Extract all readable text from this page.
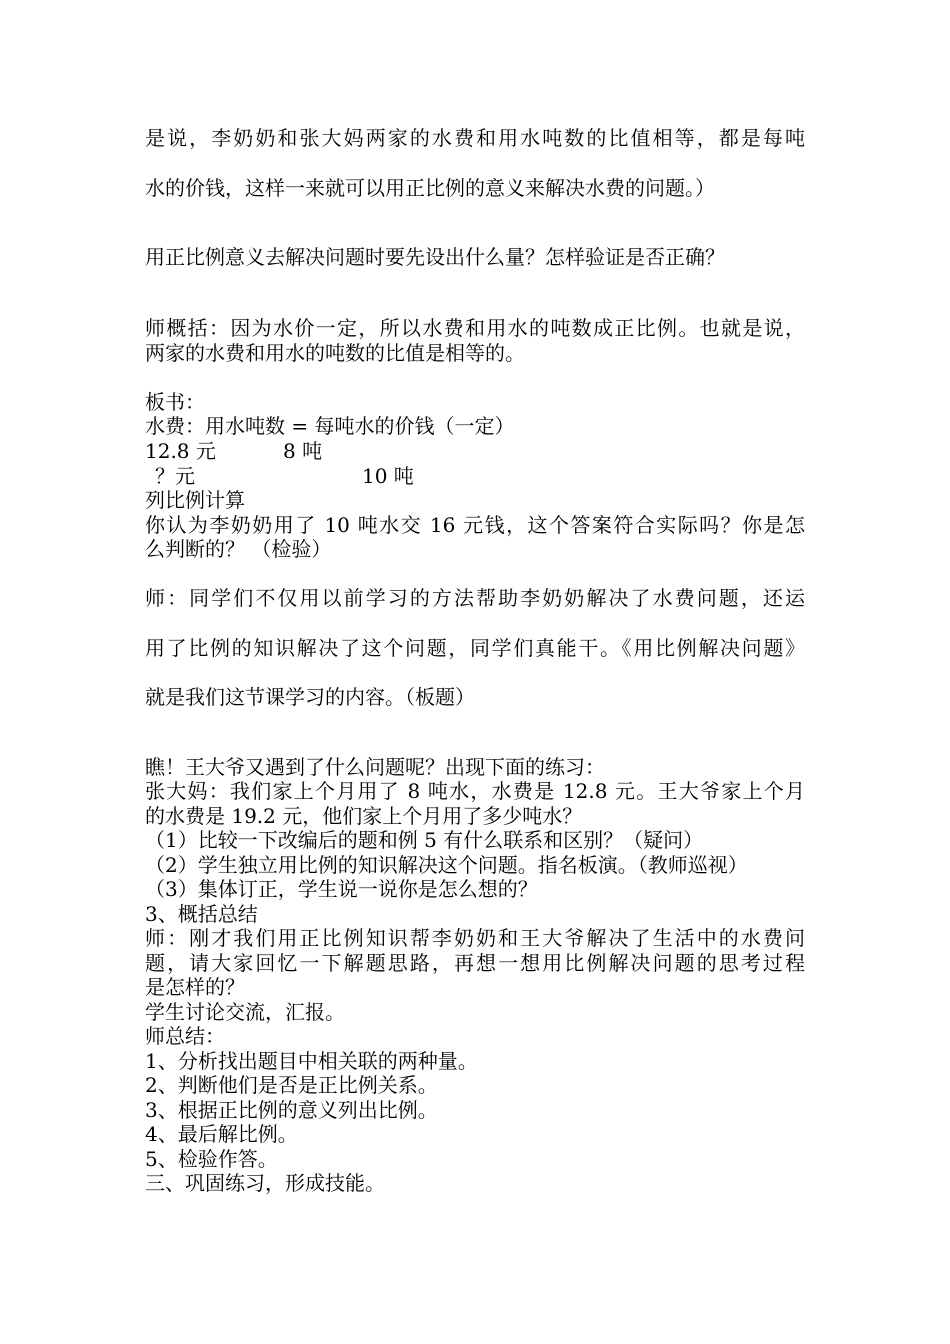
是说，李奶奶和张大妈两家的水费和用水吨数的比值相等，都是每吨
水的价钱，这样一来就可以用正比例的意义来解决水费的问题。）
用正比例意义去解决问题时要先设出什么量？怎样验证是否正确？
师概括：因为水价一定，所以水费和用水的吨数成正比例。也就是说，
两家的水费和用水的吨数的比值是相等的。
板书：
水费：用水吨数 = 每吨水的价钱（一定）
12.8 元	8 吨
？元	10 吨
列比例计算
你认为李奶奶用了 10 吨水交 16 元钱，这个答案符合实际吗？你是怎
么判断的？ （检验）
师：同学们不仅用以前学习的方法帮助李奶奶解决了水费问题，还运
用了比例的知识解决了这个问题，同学们真能干。《用比例解决问题》
就是我们这节课学习的内容。（板题）
瞧！王大爷又遇到了什么问题呢？出现下面的练习：
张大妈：我们家上个月用了 8 吨水，水费是 12.8 元。王大爷家上个月
的水费是 19.2 元，他们家上个月用了多少吨水？
（1）比较一下改编后的题和例 5 有什么联系和区别？（疑问）
（2）学生独立用比例的知识解决这个问题。指名板演。（教师巡视）
（3）集体订正，学生说一说你是怎么想的？
3、概括总结
师：刚才我们用正比例知识帮李奶奶和王大爷解决了生活中的水费问
题，请大家回忆一下解题思路，再想一想用比例解决问题的思考过程
是怎样的？
学生讨论交流，汇报。
师总结：
1、分析找出题目中相关联的两种量。
2、判断他们是否是正比例关系。
3、根据正比例的意义列出比例。
4、最后解比例。
5、检验作答。
三、巩固练习，形成技能。
